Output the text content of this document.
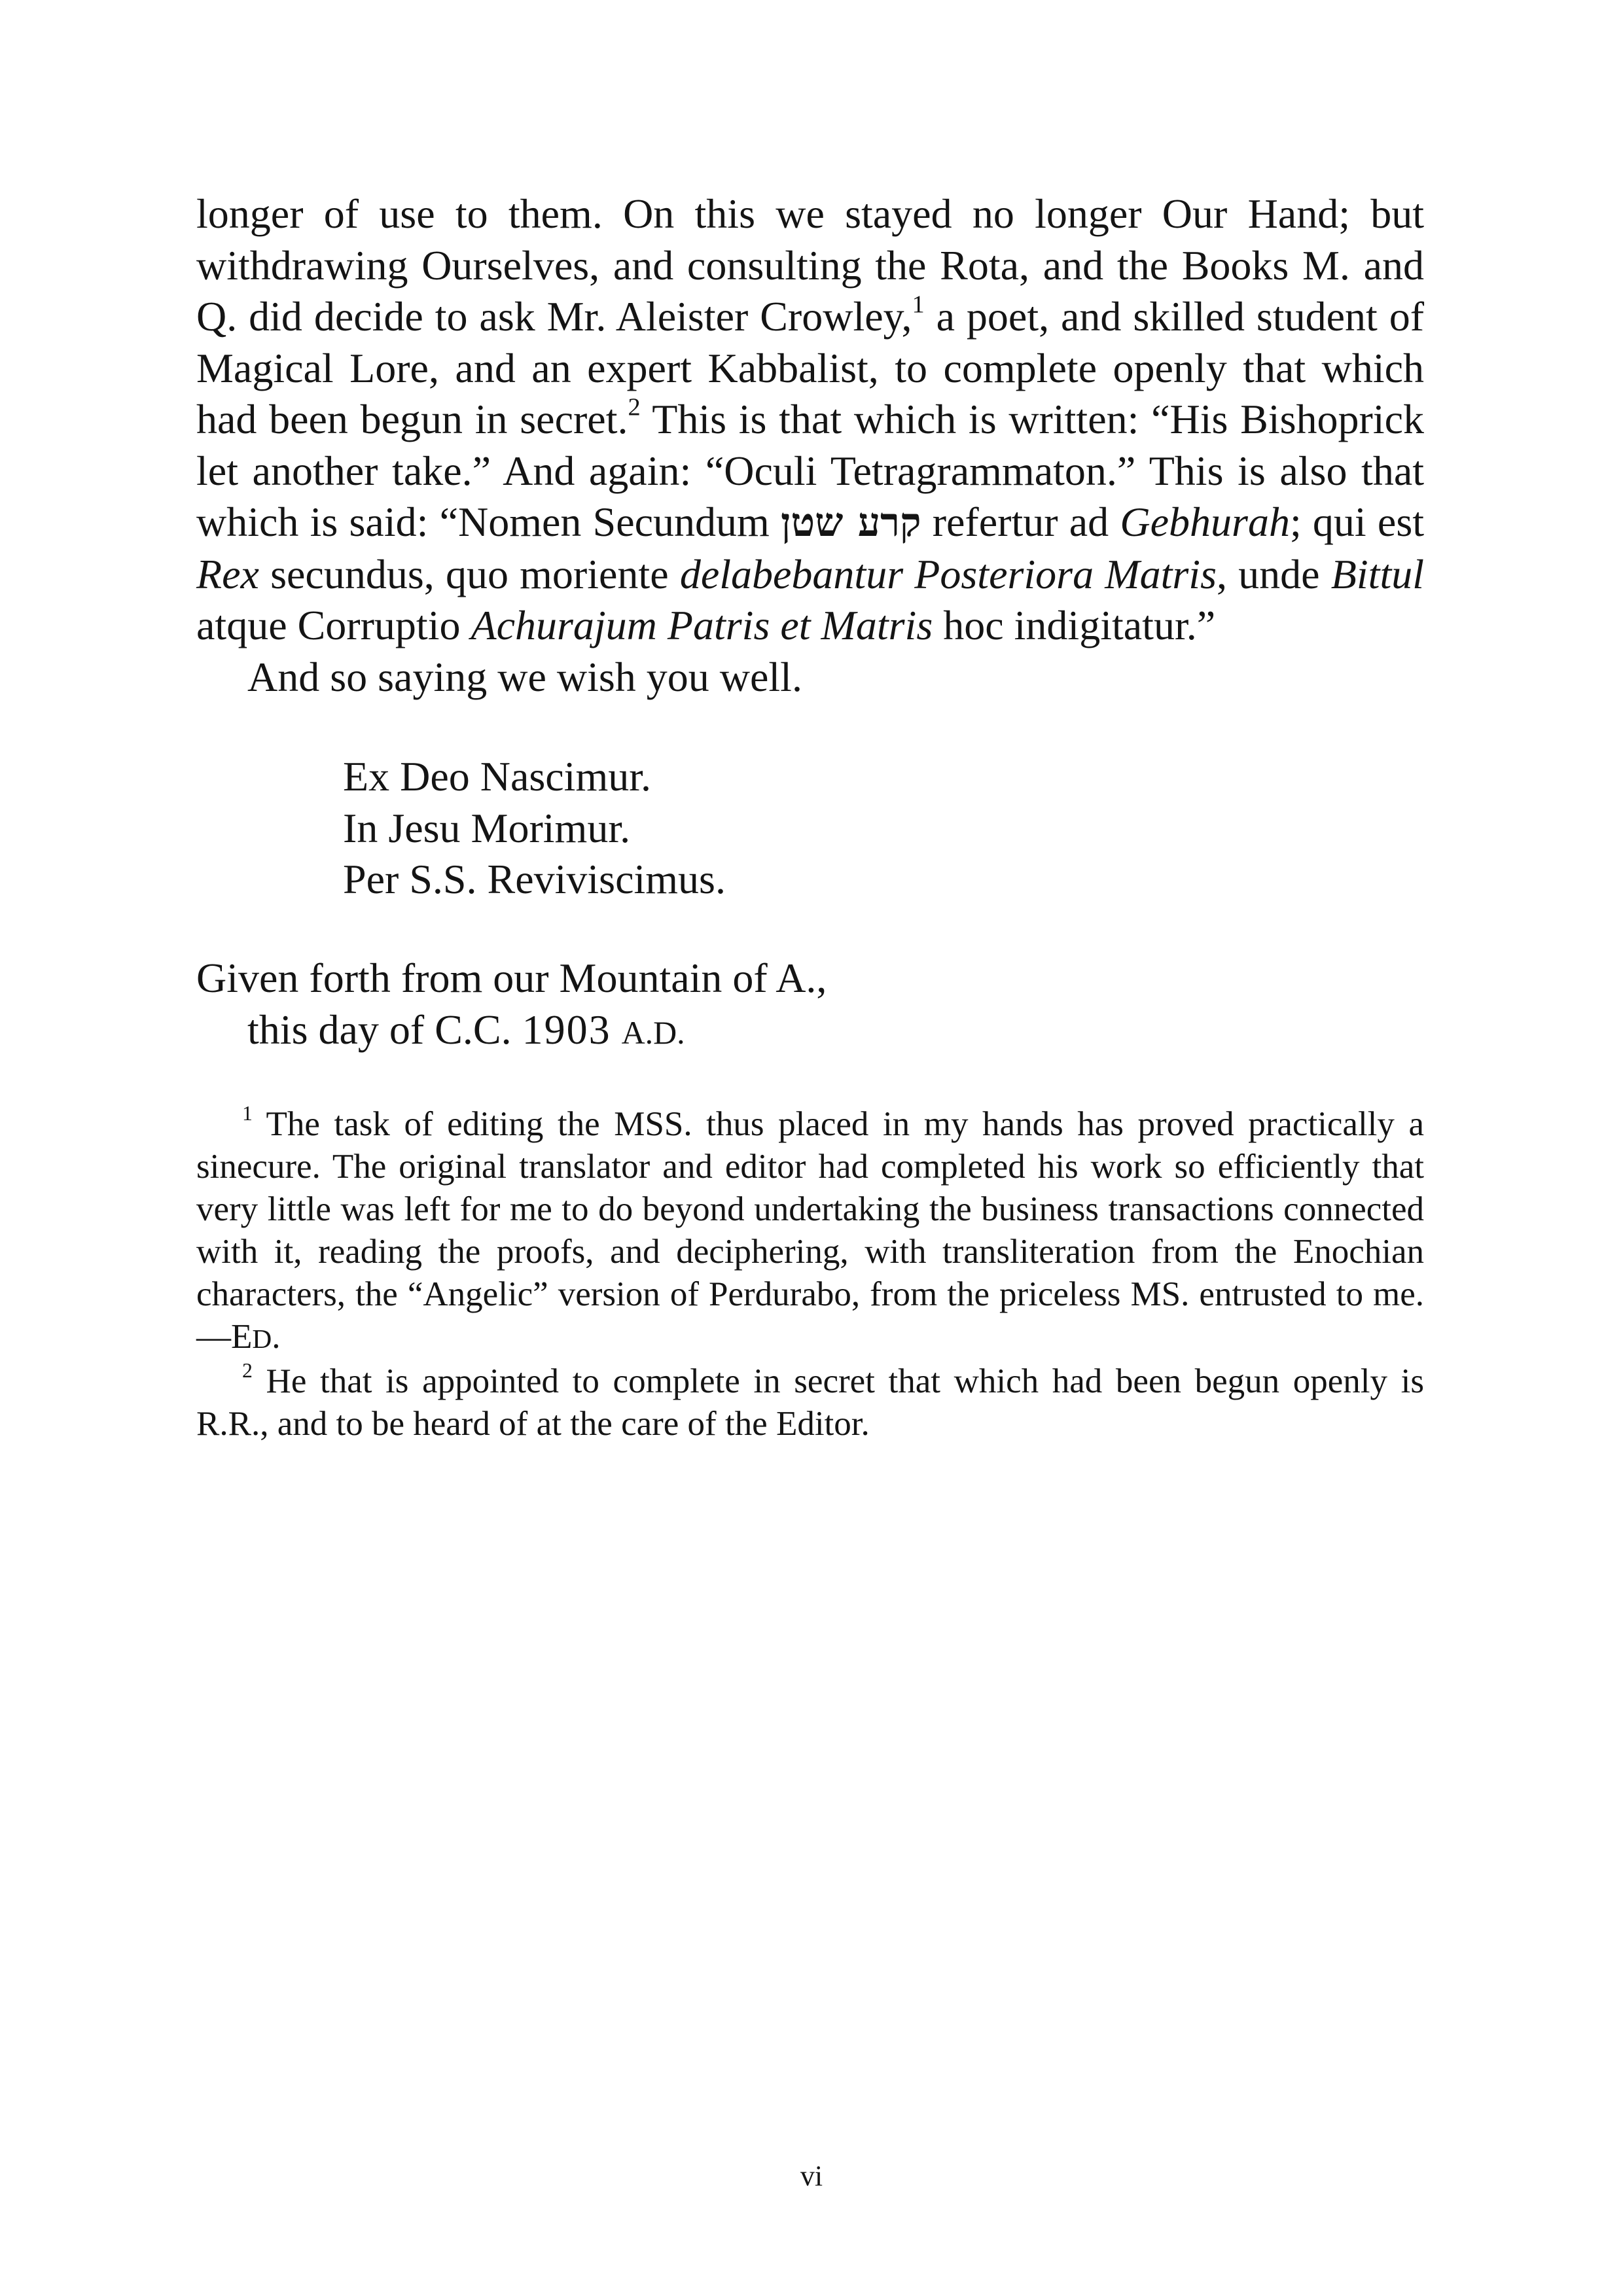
longer of use to them. On this we stayed no longer Our Hand; but withdrawing Ourselves, and consulting the Rota, and the Books M. and Q. did decide to ask Mr. Aleister Crowley,$^1$ a poet, and skilled student of Magical Lore, and an expert Kabbalist, to complete openly that which had been begun in secret.$^2$ This is that which is written: “His Bishoprick let another take.” And again: “Oculi Tetragrammaton.” This is also that which is said: “Nomen Secundum קרע שטן refertur ad Gebhurah; qui est Rex secundus, quo moriente delabebantur Posteriora Matris, unde Bittul atque Corruptio Achurajum Patris et Matris hoc indigitatur.”

And so saying we wish you well.

Ex Deo Nascimur.
In Jesu Morimur.
Per S.S. Reviviscimus.
Given forth from our Mountain of A.,
this day of C.C. 1903 A.D.

$^1$ The task of editing the MSS. thus placed in my hands has proved practically a sinecure. The original translator and editor had completed his work so efficiently that very little was left for me to do beyond undertaking the business transactions connected with it, reading the proofs, and deciphering, with transliteration from the Enochian characters, the “Angelic” version of Perdurabo, from the priceless MS. entrusted to me.—ED.

$^2$ He that is appointed to complete in secret that which had been begun openly is R.R., and to be heard of at the care of the Editor.

vi
